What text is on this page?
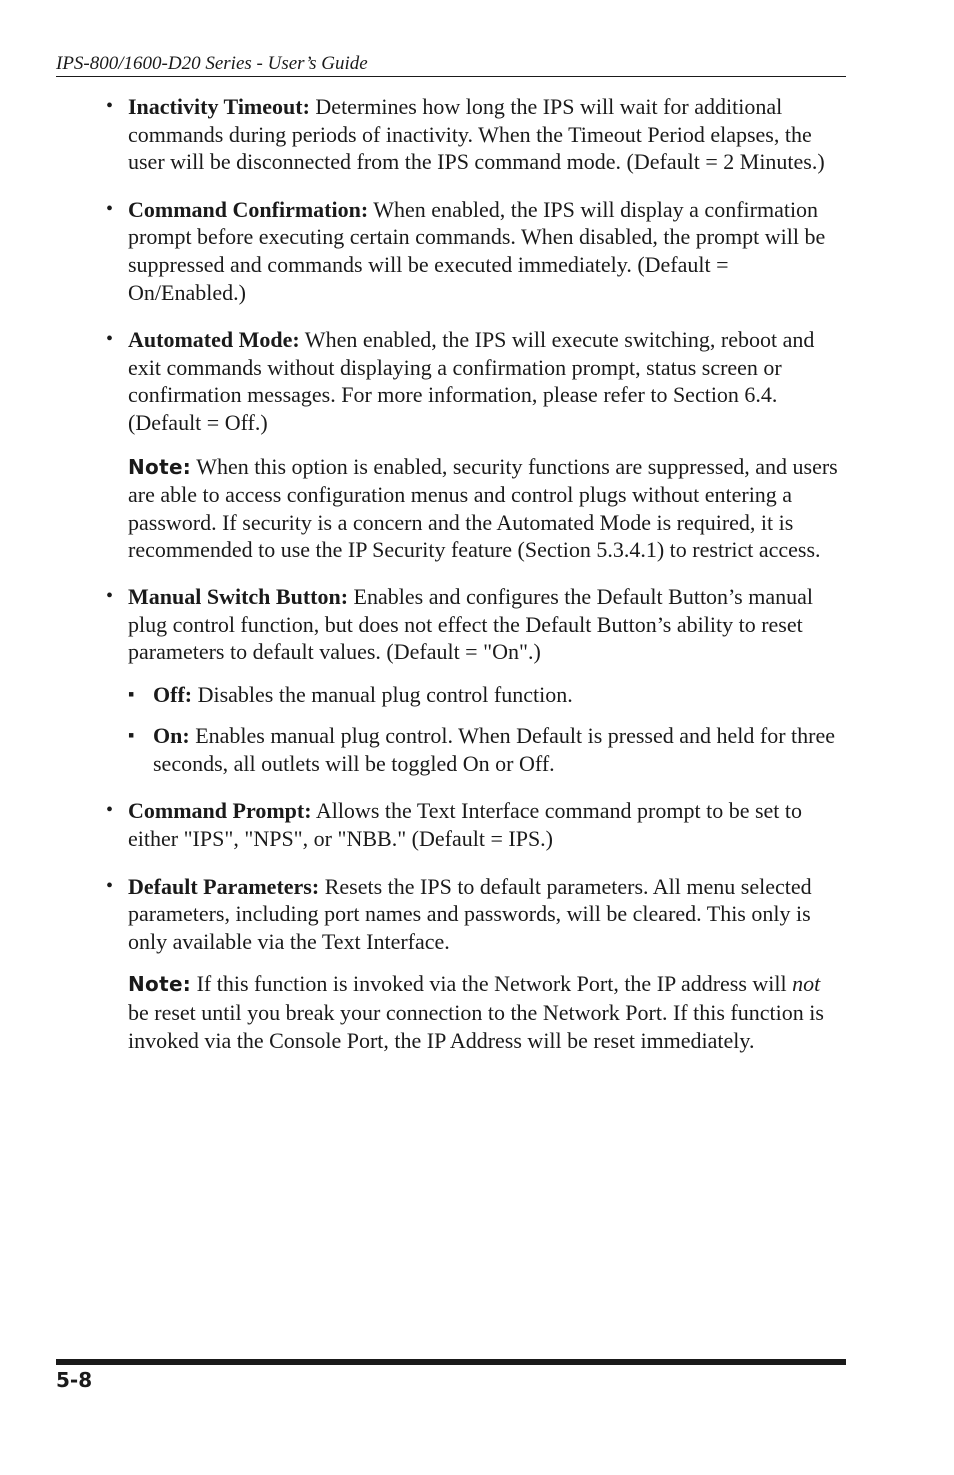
IPS-800/1600-D20 Series - User’s Guide
• Inactivity Timeout: Determines how long the IPS will wait for additional commands during periods of inactivity. When the Timeout Period elapses, the user will be disconnected from the IPS command mode. (Default = 2 Minutes.)
• Command Confirmation: When enabled, the IPS will display a confirmation prompt before executing certain commands. When disabled, the prompt will be suppressed and commands will be executed immediately. (Default = On/Enabled.)
• Automated Mode: When enabled, the IPS will execute switching, reboot and exit commands without displaying a confirmation prompt, status screen or confirmation messages. For more information, please refer to Section 6.4. (Default = Off.)
Note: When this option is enabled, security functions are suppressed, and users are able to access configuration menus and control plugs without entering a password. If security is a concern and the Automated Mode is required, it is recommended to use the IP Security feature (Section 5.3.4.1) to restrict access.
• Manual Switch Button: Enables and configures the Default Button’s manual plug control function, but does not effect the Default Button’s ability to reset parameters to default values. (Default = "On".)
▪ Off: Disables the manual plug control function.
▪ On: Enables manual plug control. When Default is pressed and held for three seconds, all outlets will be toggled On or Off.
• Command Prompt: Allows the Text Interface command prompt to be set to either "IPS", "NPS", or "NBB." (Default = IPS.)
• Default Parameters: Resets the IPS to default parameters. All menu selected parameters, including port names and passwords, will be cleared. This only is only available via the Text Interface.
Note: If this function is invoked via the Network Port, the IP address will not be reset until you break your connection to the Network Port. If this function is invoked via the Console Port, the IP Address will be reset immediately.
5-8
